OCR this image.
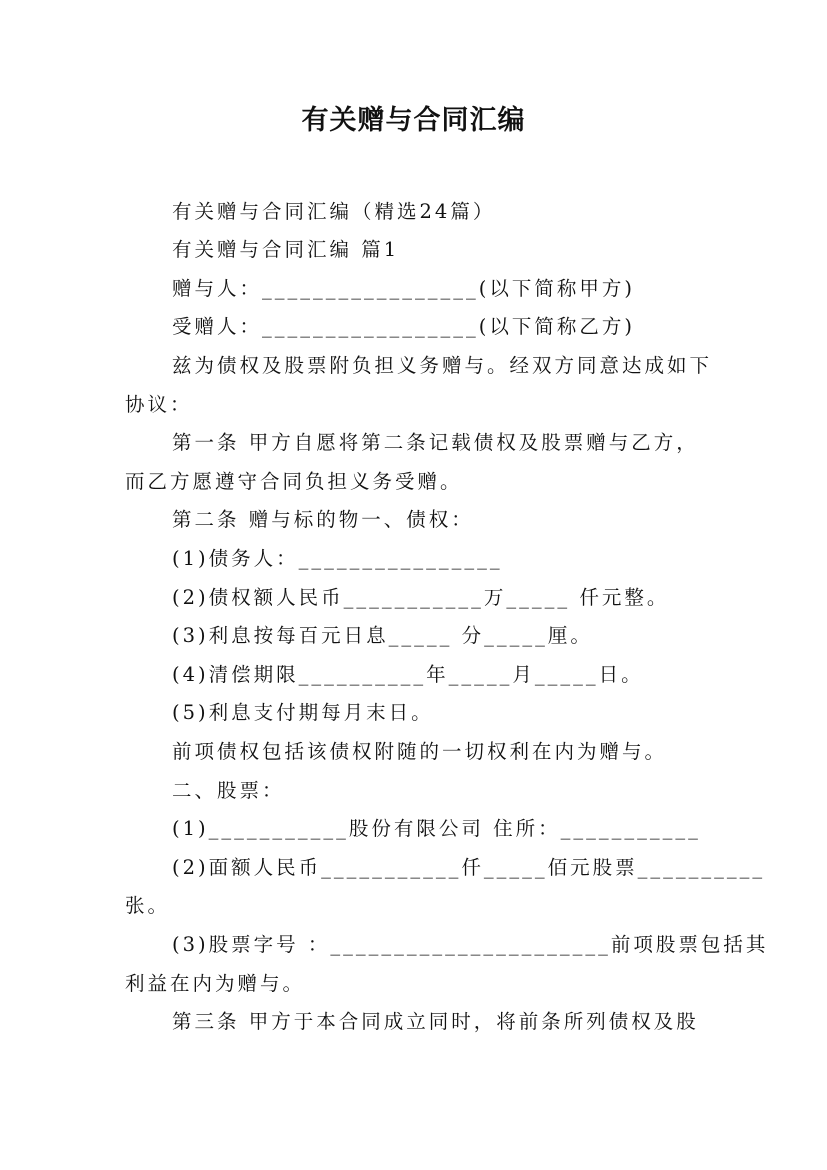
有关赠与合同汇编
有关赠与合同汇编（精选24篇）
有关赠与合同汇编 篇1
赠与人：_________________(以下简称甲方)
受赠人：_________________(以下简称乙方)
兹为债权及股票附负担义务赠与。经双方同意达成如下
协议：
第一条 甲方自愿将第二条记载债权及股票赠与乙方，
而乙方愿遵守合同负担义务受赠。
第二条 赠与标的物一、债权：
(1)债务人：________________
(2)债权额人民币___________万_____ 仟元整。
(3)利息按每百元日息_____ 分_____厘。
(4)清偿期限__________年_____月_____日。
(5)利息支付期每月末日。
前项债权包括该债权附随的一切权利在内为赠与。
二、股票：
(1)___________股份有限公司 住所：___________
(2)面额人民币___________仟_____佰元股票__________
张。
(3)股票字号 ：______________________前项股票包括其
利益在内为赠与。
第三条 甲方于本合同成立同时，将前条所列债权及股
